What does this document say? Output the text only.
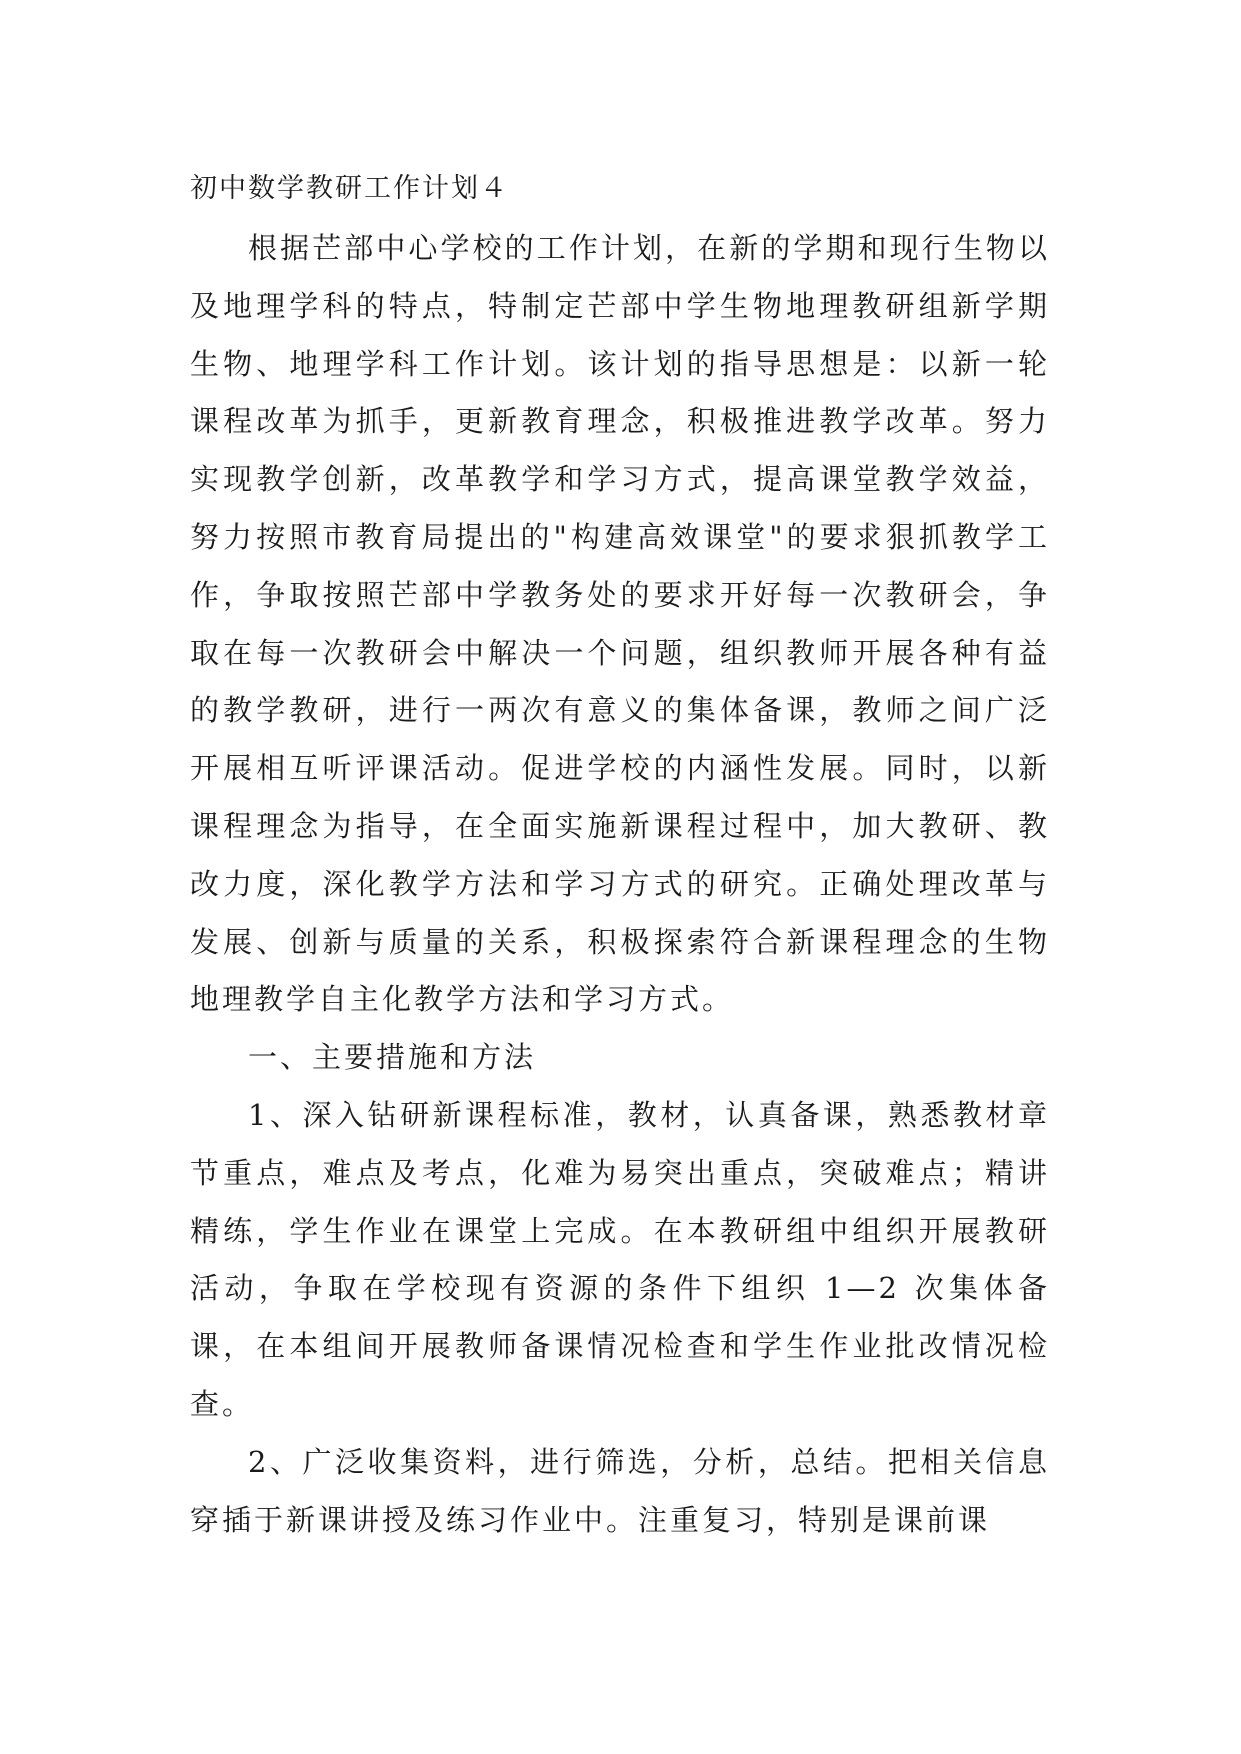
初中数学教研工作计划４

根据芒部中心学校的工作计划，在新的学期和现行生物以及地理学科的特点，特制定芒部中学生物地理教研组新学期生物、地理学科工作计划。该计划的指导思想是：以新一轮课程改革为抓手，更新教育理念，积极推进教学改革。努力实现教学创新，改革教学和学习方式，提高课堂教学效益，努力按照市教育局提出的"构建高效课堂"的要求狠抓教学工作，争取按照芒部中学教务处的要求开好每一次教研会，争取在每一次教研会中解决一个问题，组织教师开展各种有益的教学教研，进行一两次有意义的集体备课，教师之间广泛开展相互听评课活动。促进学校的内涵性发展。同时，以新课程理念为指导，在全面实施新课程过程中，加大教研、教改力度，深化教学方法和学习方式的研究。正确处理改革与发展、创新与质量的关系，积极探索符合新课程理念的生物地理教学自主化教学方法和学习方式。

一、主要措施和方法

1、深入钻研新课程标准，教材，认真备课，熟悉教材章节重点，难点及考点，化难为易突出重点，突破难点；精讲精练，学生作业在课堂上完成。在本教研组中组织开展教研活动，争取在学校现有资源的条件下组织 1—2 次集体备课，在本组间开展教师备课情况检查和学生作业批改情况检查。

2、广泛收集资料，进行筛选，分析，总结。把相关信息穿插于新课讲授及练习作业中。注重复习，特别是课前课
